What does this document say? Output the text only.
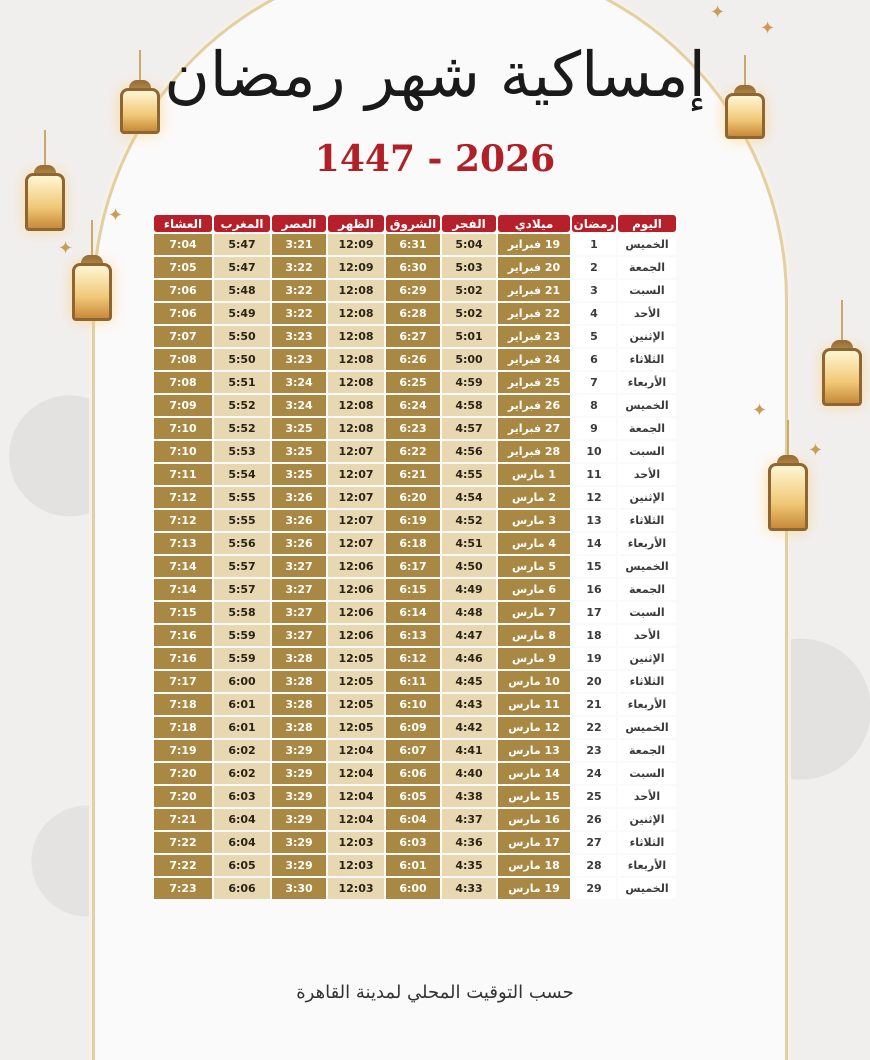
✦
✦
✦
✦
✦
✦
إمساكية شهر رمضان
1447 - 2026
اليوم	رمضان	ميلادي	الفجر	الشروق	الظهر	العصر	المغرب	العشاء
الخميس	1	19 فبراير	5:04	6:31	12:09	3:21	5:47	7:04
الجمعة	2	20 فبراير	5:03	6:30	12:09	3:22	5:47	7:05
السبت	3	21 فبراير	5:02	6:29	12:08	3:22	5:48	7:06
الأحد	4	22 فبراير	5:02	6:28	12:08	3:22	5:49	7:06
الإثنين	5	23 فبراير	5:01	6:27	12:08	3:23	5:50	7:07
الثلاثاء	6	24 فبراير	5:00	6:26	12:08	3:23	5:50	7:08
الأربعاء	7	25 فبراير	4:59	6:25	12:08	3:24	5:51	7:08
الخميس	8	26 فبراير	4:58	6:24	12:08	3:24	5:52	7:09
الجمعة	9	27 فبراير	4:57	6:23	12:08	3:25	5:52	7:10
السبت	10	28 فبراير	4:56	6:22	12:07	3:25	5:53	7:10
الأحد	11	1 مارس	4:55	6:21	12:07	3:25	5:54	7:11
الإثنين	12	2 مارس	4:54	6:20	12:07	3:26	5:55	7:12
الثلاثاء	13	3 مارس	4:52	6:19	12:07	3:26	5:55	7:12
الأربعاء	14	4 مارس	4:51	6:18	12:07	3:26	5:56	7:13
الخميس	15	5 مارس	4:50	6:17	12:06	3:27	5:57	7:14
الجمعة	16	6 مارس	4:49	6:15	12:06	3:27	5:57	7:14
السبت	17	7 مارس	4:48	6:14	12:06	3:27	5:58	7:15
الأحد	18	8 مارس	4:47	6:13	12:06	3:27	5:59	7:16
الإثنين	19	9 مارس	4:46	6:12	12:05	3:28	5:59	7:16
الثلاثاء	20	10 مارس	4:45	6:11	12:05	3:28	6:00	7:17
الأربعاء	21	11 مارس	4:43	6:10	12:05	3:28	6:01	7:18
الخميس	22	12 مارس	4:42	6:09	12:05	3:28	6:01	7:18
الجمعة	23	13 مارس	4:41	6:07	12:04	3:29	6:02	7:19
السبت	24	14 مارس	4:40	6:06	12:04	3:29	6:02	7:20
الأحد	25	15 مارس	4:38	6:05	12:04	3:29	6:03	7:20
الإثنين	26	16 مارس	4:37	6:04	12:04	3:29	6:04	7:21
الثلاثاء	27	17 مارس	4:36	6:03	12:03	3:29	6:04	7:22
الأربعاء	28	18 مارس	4:35	6:01	12:03	3:29	6:05	7:22
الخميس	29	19 مارس	4:33	6:00	12:03	3:30	6:06	7:23
حسب التوقيت المحلي لمدينة القاهرة
